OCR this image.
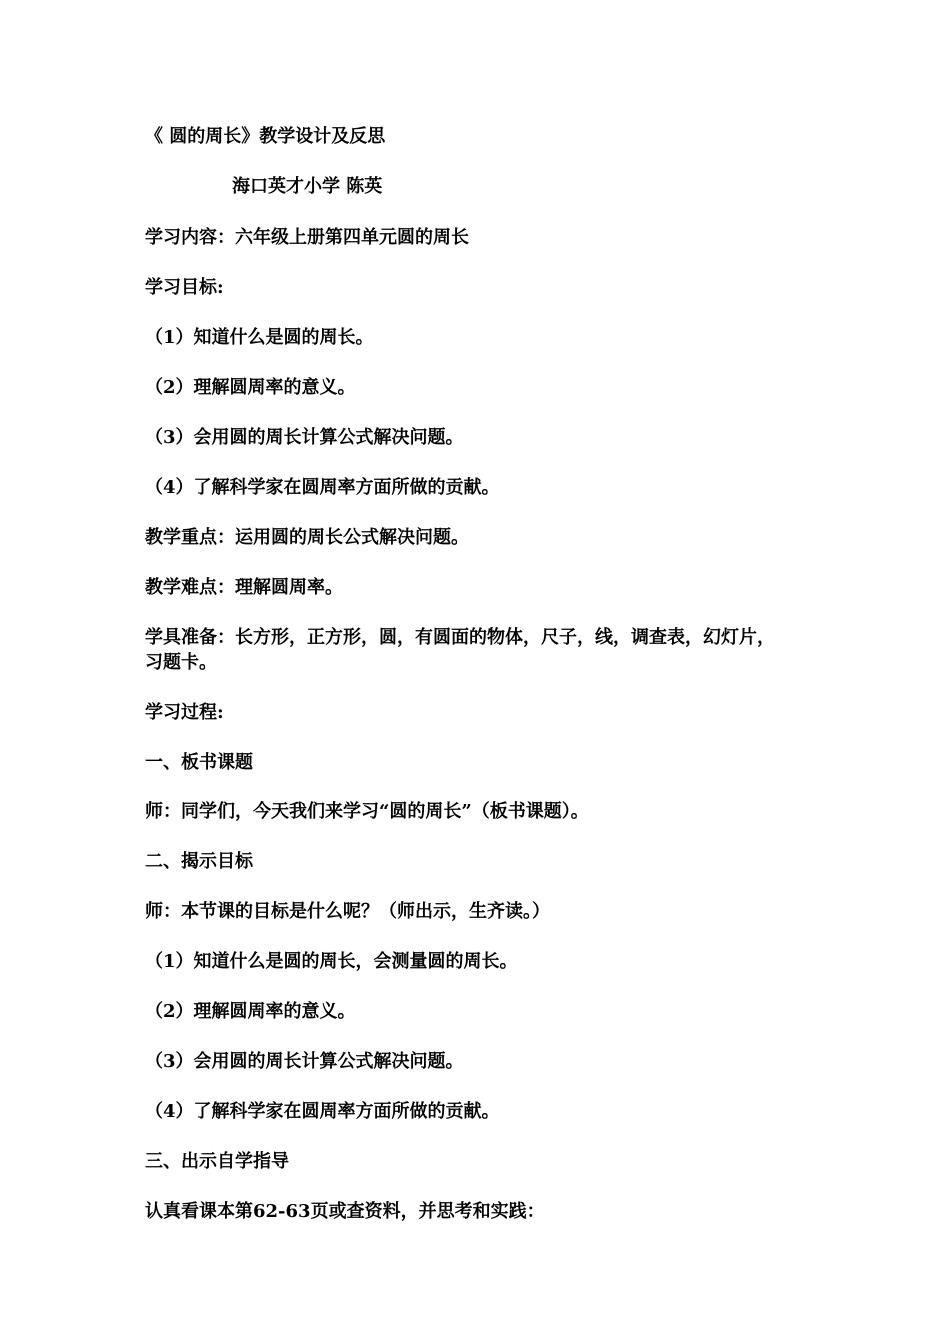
《 圆的周长》教学设计及反思
海口英才小学 陈英
学习内容：六年级上册第四单元圆的周长
学习目标:
（1）知道什么是圆的周长。
（2）理解圆周率的意义。
（3）会用圆的周长计算公式解决问题。
（4）了解科学家在圆周率方面所做的贡献。
教学重点：运用圆的周长公式解决问题。
教学难点：理解圆周率。
学具准备：长方形，正方形，圆，有圆面的物体，尺子，线，调查表，幻灯片，
习题卡。
学习过程:
一、板书课题
师：同学们，今天我们来学习“圆的周长”（板书课题）。
二、揭示目标
师：本节课的目标是什么呢？（师出示，生齐读。）
（1）知道什么是圆的周长，会测量圆的周长。
（2）理解圆周率的意义。
（3）会用圆的周长计算公式解决问题。
（4）了解科学家在圆周率方面所做的贡献。
三、出示自学指导
认真看课本第62-63页或查资料，并思考和实践：
